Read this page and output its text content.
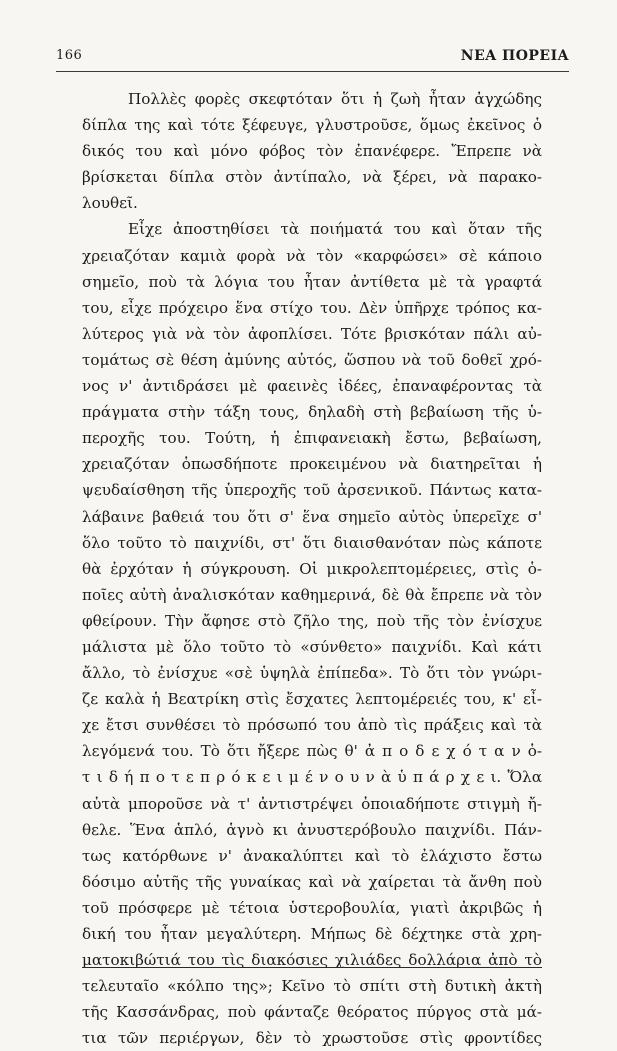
166	ΝΕΑ ΠΟΡΕΙΑ
Πολλὲς φορὲς σκεφτόταν ὅτι ἡ ζωὴ ἦταν ἀγχώδης
δίπλα της καὶ τότε ξέφευγε, γλυστροῦσε, ὅμως ἐκεῖνος ὁ
δικός του καὶ μόνο φόβος τὸν ἐπανέφερε. Ἔπρεπε νὰ
βρίσκεται δίπλα στὸν ἀντίπαλο, νὰ ξέρει, νὰ παρακο-
λουθεῖ.
Εἶχε ἀποστηθίσει τὰ ποιήματά του καὶ ὅταν τῆς
χρειαζόταν καμιὰ φορὰ νὰ τὸν «καρφώσει» σὲ κάποιο
σημεῖο, ποὺ τὰ λόγια του ἦταν ἀντίθετα μὲ τὰ γραφτά
του, εἶχε πρόχειρο ἕνα στίχο του. Δὲν ὑπῆρχε τρόπος κα-
λύτερος γιὰ νὰ τὸν ἀφοπλίσει. Τότε βρισκόταν πάλι αὐ-
τομάτως σὲ θέση ἀμύνης αὐτός, ὥσπου νὰ τοῦ δοθεῖ χρό-
νος ν' ἀντιδράσει μὲ φαεινὲς ἰδέες, ἐπαναφέροντας τὰ
πράγματα στὴν τάξη τους, δηλαδὴ στὴ βεβαίωση τῆς ὑ-
περοχῆς του. Τούτη, ἡ ἐπιφανειακὴ ἔστω, βεβαίωση,
χρειαζόταν ὁπωσδήποτε προκειμένου νὰ διατηρεῖται ἡ
ψευδαίσθηση τῆς ὑπεροχῆς τοῦ ἀρσενικοῦ. Πάντως κατα-
λάβαινε βαθειά του ὅτι σ' ἕνα σημεῖο αὐτὸς ὑπερεῖχε σ'
ὅλο τοῦτο τὸ παιχνίδι, στ' ὅτι διαισθανόταν πὼς κάποτε
θὰ ἐρχόταν ἡ σύγκρουση. Οἱ μικρολεπτομέρειες, στὶς ὁ-
ποῖες αὐτὴ ἀναλισκόταν καθημερινά, δὲ θὰ ἔπρεπε νὰ τὸν
φθείρουν. Τὴν ἄφησε στὸ ζῆλο της, ποὺ τῆς τὸν ἐνίσχυε
μάλιστα μὲ ὅλο τοῦτο τὸ «σύνθετο» παιχνίδι. Καὶ κάτι
ἄλλο, τὸ ἐνίσχυε «σὲ ὑψηλὰ ἐπίπεδα». Τὸ ὅτι τὸν γνώρι-
ζε καλὰ ἡ Βεατρίκη στὶς ἔσχατες λεπτομέρειές του, κ' εἶ-
χε ἔτσι συνθέσει τὸ πρόσωπό του ἀπὸ τὶς πράξεις καὶ τὰ
λεγόμενά του. Τὸ ὅτι ἤξερε πὼς θ' ἀ π ο δ ε χ ό τ α ν ὁ-
τ ι δ ή π ο τ ε π ρ ό κ ε ι μ έ ν ο υ ν ὰ ὑ π ά ρ χ ε ι. Ὅλα
αὐτὰ μποροῦσε νὰ τ' ἀντιστρέψει ὁποιαδήποτε στιγμὴ ἤ-
θελε. Ἕνα ἁπλό, ἁγνὸ κι ἀνυστερόβουλο παιχνίδι. Πάν-
τως κατόρθωνε ν' ἀνακαλύπτει καὶ τὸ ἐλάχιστο ἔστω
δόσιμο αὐτῆς τῆς γυναίκας καὶ νὰ χαίρεται τὰ ἄνθη ποὺ
τοῦ πρόσφερε μὲ τέτοια ὑστεροβουλία, γιατὶ ἀκριβῶς ἡ
δική του ἦταν μεγαλύτερη. Μήπως δὲ δέχτηκε στὰ χρη-
ματοκιβώτιά του τὶς διακόσιες χιλιάδες δολλάρια ἀπὸ τὸ
τελευταῖο «κόλπο της»; Κεῖνο τὸ σπίτι στὴ δυτικὴ ἀκτὴ
τῆς Κασσάνδρας, ποὺ φάνταζε θεόρατος πύργος στὰ μά-
τια τῶν περιέργων, δὲν τὸ χρωστοῦσε στὶς φροντίδες
